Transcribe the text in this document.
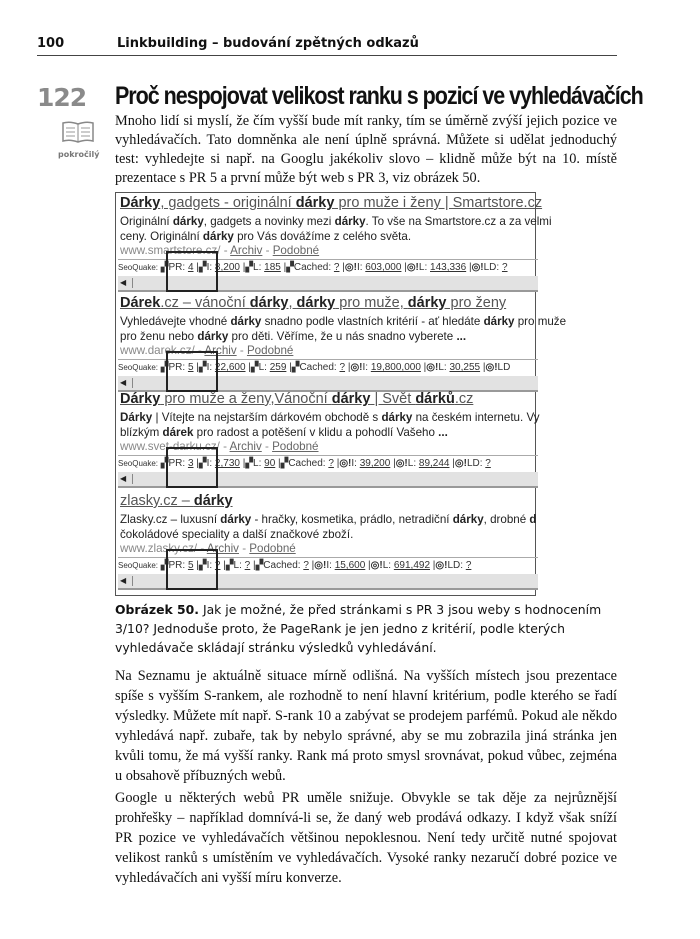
100	Linkbuilding – budování zpětných odkazů
122 Proč nespojovat velikost ranku s pozicí ve vyhledávačích
pokročilý
Mnoho lidí si myslí, že čím vyšší bude mít ranky, tím se úměrně zvýší jejich pozice ve vyhledávačích. Tato domněnka ale není úplně správná. Můžete si udělat jednoduchý test: vyhledejte si např. na Googlu jakékoliv slovo – klidně může být na 10. místě prezentace s PR 5 a první může být web s PR 3, viz obrázek 50.
Dárky, gadgets - originální dárky pro muže i ženy | Smartstore.cz
Originální dárky, gadgets a novinky mezi dárky. To vše na Smartstore.cz a za velmi
ceny. Originální dárky pro Vás dovážíme z celého světa.
www.smartstore.cz/ - Archiv - Podobné
SeoQuake: ▞PR: 4 |▞I: 8,200 |▞L: 185 |▞Cached: ? |◎!I: 603,000 |◎!L: 143,336 |◎!LD: ?
◀
Dárek.cz – vánoční dárky, dárky pro muže, dárky pro ženy
Vyhledávejte vhodné dárky snadno podle vlastních kritérií - ať hledáte dárky pro muže
pro ženu nebo dárky pro děti. Věříme, že u nás snadno vyberete ...
www.darek.cz/ - Archiv - Podobné
SeoQuake: ▞PR: 5 |▞I: 22,600 |▞L: 259 |▞Cached: ? |◎!I: 19,800,000 |◎!L: 30,255 |◎!LD
◀
Dárky pro muže a ženy,Vánoční dárky | Svět dárků.cz
Dárky | Vítejte na nejstarším dárkovém obchodě s dárky na českém internetu. Vy
blízkým dárek pro radost a potěšení v klidu a pohodlí Vašeho ...
www.svet-darku.cz/ - Archiv - Podobné
SeoQuake: ▞PR: 3 |▞I: 2,730 |▞L: 90 |▞Cached: ? |◎!I: 39,200 |◎!L: 89,244 |◎!LD: ?
◀
zlasky.cz – dárky
Zlasky.cz – luxusní dárky - hračky, kosmetika, prádlo, netradiční dárky, drobné d
čokoládové speciality a další značkové zboží.
www.zlasky.cz/ - Archiv - Podobné
SeoQuake: ▞PR: 5 |▞I: ? |▞L: ? |▞Cached: ? |◎!I: 15,600 |◎!L: 691,492 |◎!LD: ?
◀
Obrázek 50. Jak je možné, že před stránkami s PR 3 jsou weby s hodnocením 3/10? Jednoduše proto, že PageRank je jen jedno z kritérií, podle kterých vyhledávače skládají stránku výsledků vyhledávání.
Na Seznamu je aktuálně situace mírně odlišná. Na vyšších místech jsou prezentace spíše s vyšším S-rankem, ale rozhodně to není hlavní kritérium, podle kterého se řadí výsledky. Můžete mít např. S-rank 10 a zabývat se prodejem parfémů. Pokud ale někdo vyhledává např. zubaře, tak by nebylo správné, aby se mu zobrazila jiná stránka jen kvůli tomu, že má vyšší ranky. Rank má proto smysl srovnávat, pokud vůbec, zejména u obsahově příbuzných webů.
Google u některých webů PR uměle snižuje. Obvykle se tak děje za nejrůznější prohřešky – například domnívá-li se, že daný web prodává odkazy. I když však sníží PR pozice ve vyhledávačích většinou nepoklesnou. Není tedy určitě nutné spojovat velikost ranků s umístěním ve vyhledávačích. Vysoké ranky nezaručí dobré pozice ve vyhledávačích ani vyšší míru konverze.
